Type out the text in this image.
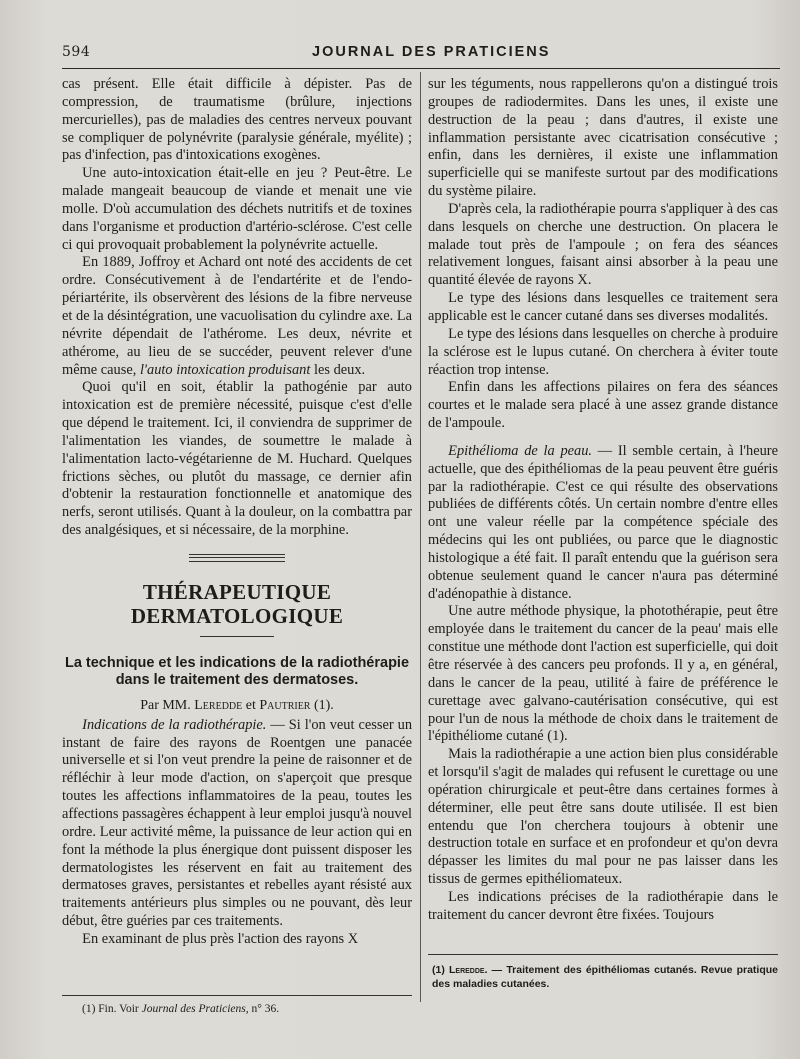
594	JOURNAL DES PRATICIENS

cas présent. Elle était difficile à dépister. Pas de compression, de traumatisme (brûlure, injections mercurielles), pas de maladies des centres nerveux pouvant se compliquer de polynévrite (paralysie générale, myélite) ; pas d'infection, pas d'intoxications exogènes.

Une auto-intoxication était-elle en jeu ? Peut-être. Le malade mangeait beaucoup de viande et menait une vie molle. D'où accumulation des déchets nutritifs et de toxines dans l'organisme et production d'artério-sclérose. C'est celle ci qui provoquait probablement la polynévrite actuelle.

En 1889, Joffroy et Achard ont noté des accidents de cet ordre. Consécutivement à de l'endartérite et de l'endo-périartérite, ils observèrent des lésions de la fibre nerveuse et de la désintégration, une vacuolisation du cylindre axe. La névrite dépendait de l'athérome. Les deux, névrite et athérome, au lieu de se succéder, peuvent relever d'une même cause, l'auto intoxication produisant les deux.

Quoi qu'il en soit, établir la pathogénie par auto intoxication est de première nécessité, puisque c'est d'elle que dépend le traitement. Ici, il conviendra de supprimer de l'alimentation les viandes, de soumettre le malade à l'alimentation lacto-végétarienne de M. Huchard. Quelques frictions sèches, ou plutôt du massage, ce dernier afin d'obtenir la restauration fonctionnelle et anatomique des nerfs, seront utilisés. Quant à la douleur, on la combattra par des analgésiques, et si nécessaire, de la morphine.

THÉRAPEUTIQUE DERMATOLOGIQUE
La technique et les indications de la radiothérapie dans le traitement des dermatoses.
Par MM. Leredde et Pautrier (1).

Indications de la radiothérapie. — Si l'on veut cesser un instant de faire des rayons de Roentgen une panacée universelle et si l'on veut prendre la peine de raisonner et de réfléchir à leur mode d'action, on s'aperçoit que presque toutes les affections inflammatoires de la peau, toutes les affections passagères échappent à leur emploi jusqu'à nouvel ordre. Leur activité même, la puissance de leur action qui en font la méthode la plus énergique dont puissent disposer les dermatologistes les réservent en fait au traitement des dermatoses graves, persistantes et rebelles ayant résisté aux traitements antérieurs plus simples ou ne pouvant, dès leur début, être guéries par ces traitements.

En examinant de plus près l'action des rayons X

(1) Fin. Voir Journal des Praticiens, n° 36.

sur les téguments, nous rappellerons qu'on a distingué trois groupes de radiodermites. Dans les unes, il existe une destruction de la peau ; dans d'autres, il existe une inflammation persistante avec cicatrisation consécutive ; enfin, dans les dernières, il existe une inflammation superficielle qui se manifeste surtout par des modifications du système pilaire.

D'après cela, la radiothérapie pourra s'appliquer à des cas dans lesquels on cherche une destruction. On placera le malade tout près de l'ampoule ; on fera des séances relativement longues, faisant ainsi absorber à la peau une quantité élevée de rayons X.

Le type des lésions dans lesquelles ce traitement sera applicable est le cancer cutané dans ses diverses modalités.

Le type des lésions dans lesquelles on cherche à produire la sclérose est le lupus cutané. On cherchera à éviter toute réaction trop intense.

Enfin dans les affections pilaires on fera des séances courtes et le malade sera placé à une assez grande distance de l'ampoule.

Epithélioma de la peau. — Il semble certain, à l'heure actuelle, que des épithéliomas de la peau peuvent être guéris par la radiothérapie. C'est ce qui résulte des observations publiées de différents côtés. Un certain nombre d'entre elles ont une valeur réelle par la compétence spéciale des médecins qui les ont publiées, ou parce que le diagnostic histologique a été fait. Il paraît entendu que la guérison sera obtenue seulement quand le cancer n'aura pas déterminé d'adénopathie à distance.

Une autre méthode physique, la photothérapie, peut être employée dans le traitement du cancer de la peau' mais elle constitue une méthode dont l'action est superficielle, qui doit être réservée à des cancers peu profonds. Il y a, en général, dans le cancer de la peau, utilité à faire de préférence le curettage avec galvano-cautérisation consécutive, qui est pour l'un de nous la méthode de choix dans le traitement de l'épithéliome cutané (1).

Mais la radiothérapie a une action bien plus considérable et lorsqu'il s'agit de malades qui refusent le curettage ou une opération chirurgicale et peut-être dans certaines formes à déterminer, elle peut être sans doute utilisée. Il est bien entendu que l'on cherchera toujours à obtenir une destruction totale en surface et en profondeur et qu'on devra dépasser les limites du mal pour ne pas laisser dans les tissus de germes epithéliomateux.

Les indications précises de la radiothérapie dans le traitement du cancer devront être fixées. Toujours

(1) Leredde. — Traitement des épithéliomas cutanés. Revue pratique des maladies cutanées.
